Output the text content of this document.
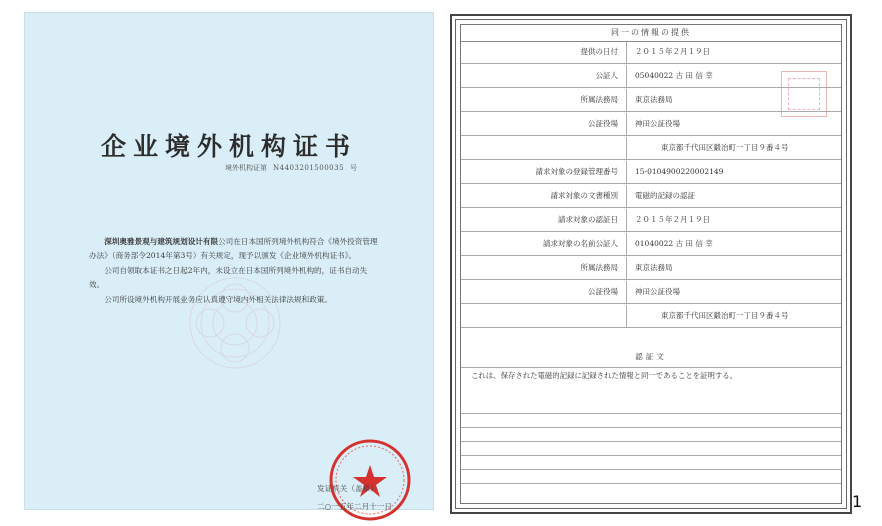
企业境外机构证书
境外机构证第 N4403201500035 号

深圳奥雅景观与建筑规划设计有限公司在日本国所列境外机构符合《境外投资管理办法》（商务部令2014年第3号）有关规定，现予以颁发《企业境外机构证书》。

公司自领取本证书之日起2年内，未设立在日本国所列境外机构的，证书自动失效。

公司所设境外机构开展业务应认真遵守境内外相关法律法规和政策。

发证机关（盖章）
二○一五年二月十一日
同一の情報の提供
提供の日付	２０１５年２月１９日
公証人	05040022 古 田 信 幸
所属法務局	東京法務局
公証役場	神田公証役場
東京都千代田区鍛冶町一丁目９番４号
請求対象の登録管理番号	15-0104900220002149
請求対象の文書種別	電磁的記録の認証
請求対象の認証日	２０１５年２月１９日
請求対象の名前公証人	01040022 古 田 信 幸
所属法務局	東京法務局
公証役場	神田公証役場
東京都千代田区鍛冶町一丁目９番４号
認証文
これは、保存された電磁的記録に記録された情報と同一であることを証明する。
1
